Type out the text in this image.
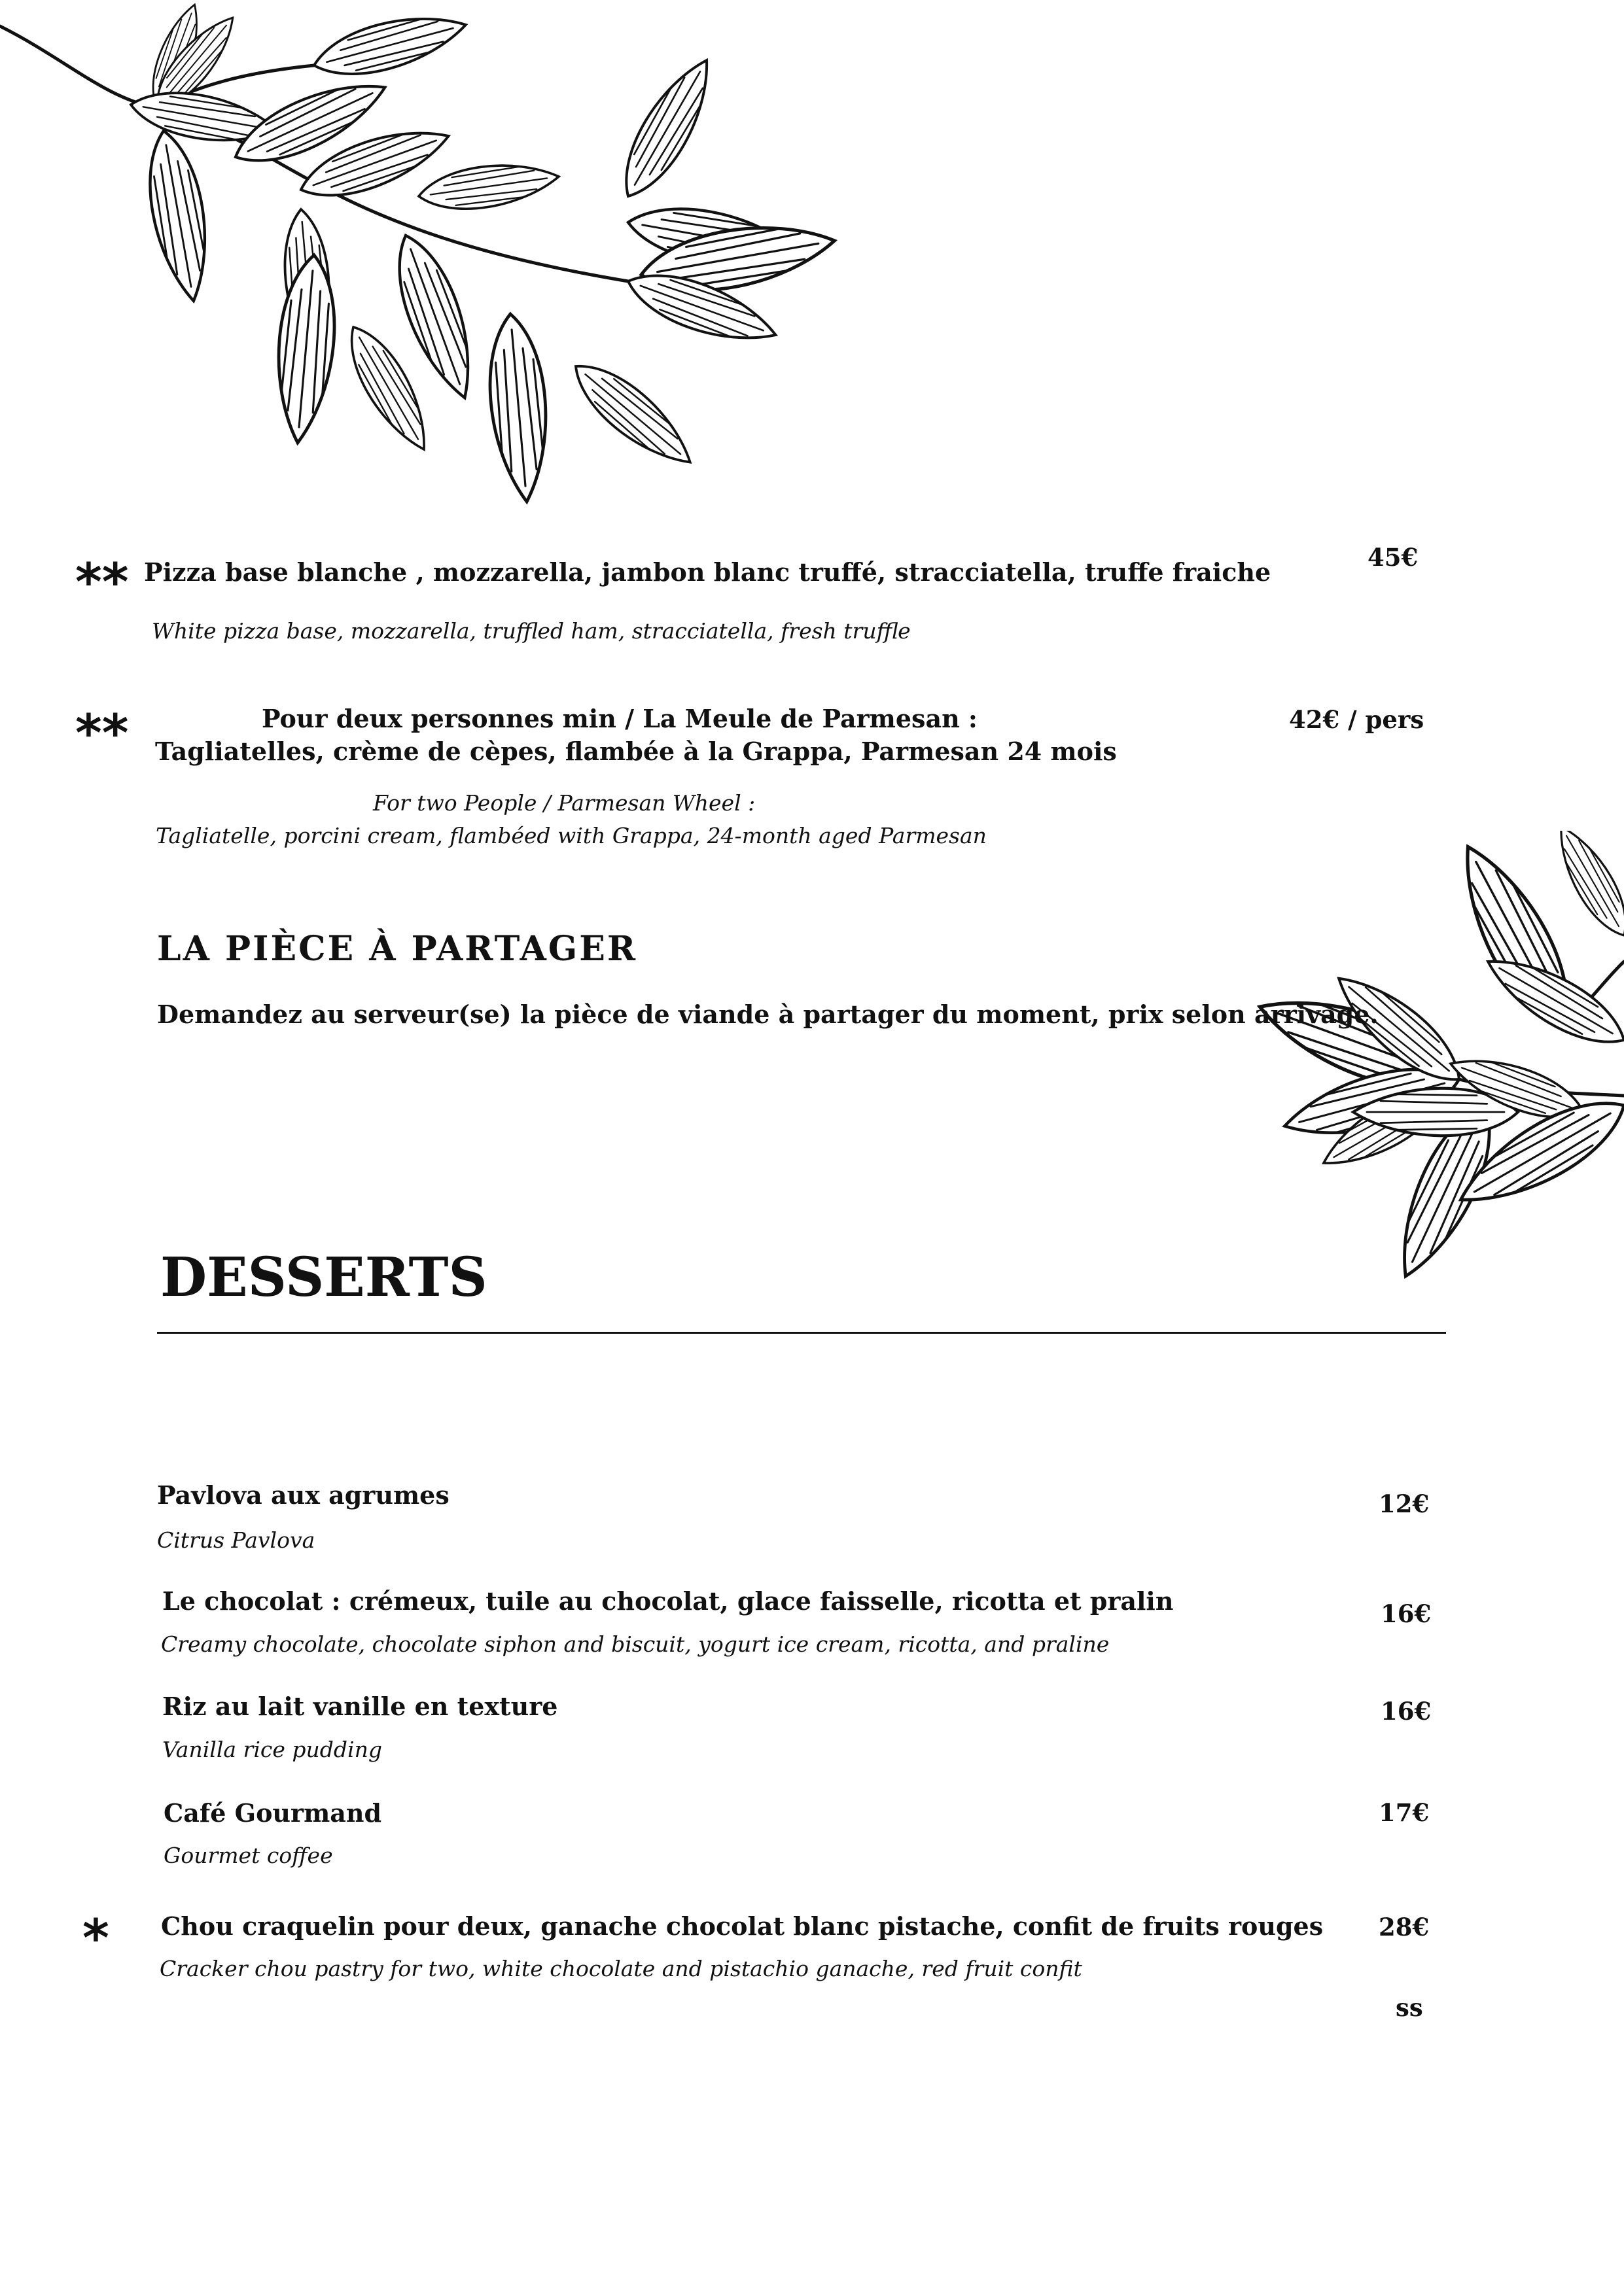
** Pizza base blanche , mozzarella, jambon blanc truffé, stracciatella, truffe fraiche
White pizza base, mozzarella, truffled ham, stracciatella, fresh truffle
45€
**	Pour deux personnes min / La Meule de Parmesan :
Tagliatelles, crème de cèpes, flambée à la Grappa, Parmesan 24 mois
For two People / Parmesan Wheel :
Tagliatelle, porcini cream, flambéed with Grappa, 24-month aged Parmesan
42€ / pers
LA PIÈCE À PARTAGER
Demandez au serveur(se) la pièce de viande à partager du moment, prix selon arrivage.
DESSERTS
Pavlova aux agrumes
Citrus Pavlova
12€
Le chocolat : crémeux, tuile au chocolat, glace faisselle, ricotta et pralin
Creamy chocolate, chocolate siphon and biscuit, yogurt ice cream, ricotta, and praline
16€
Riz au lait vanille en texture
Vanilla rice pudding
16€
Café Gourmand
Gourmet coffee
17€
* Chou craquelin pour deux, ganache chocolat blanc pistache, confit de fruits rouges
Cracker chou pastry for two, white chocolate and pistachio ganache, red fruit confit
28€
ss
